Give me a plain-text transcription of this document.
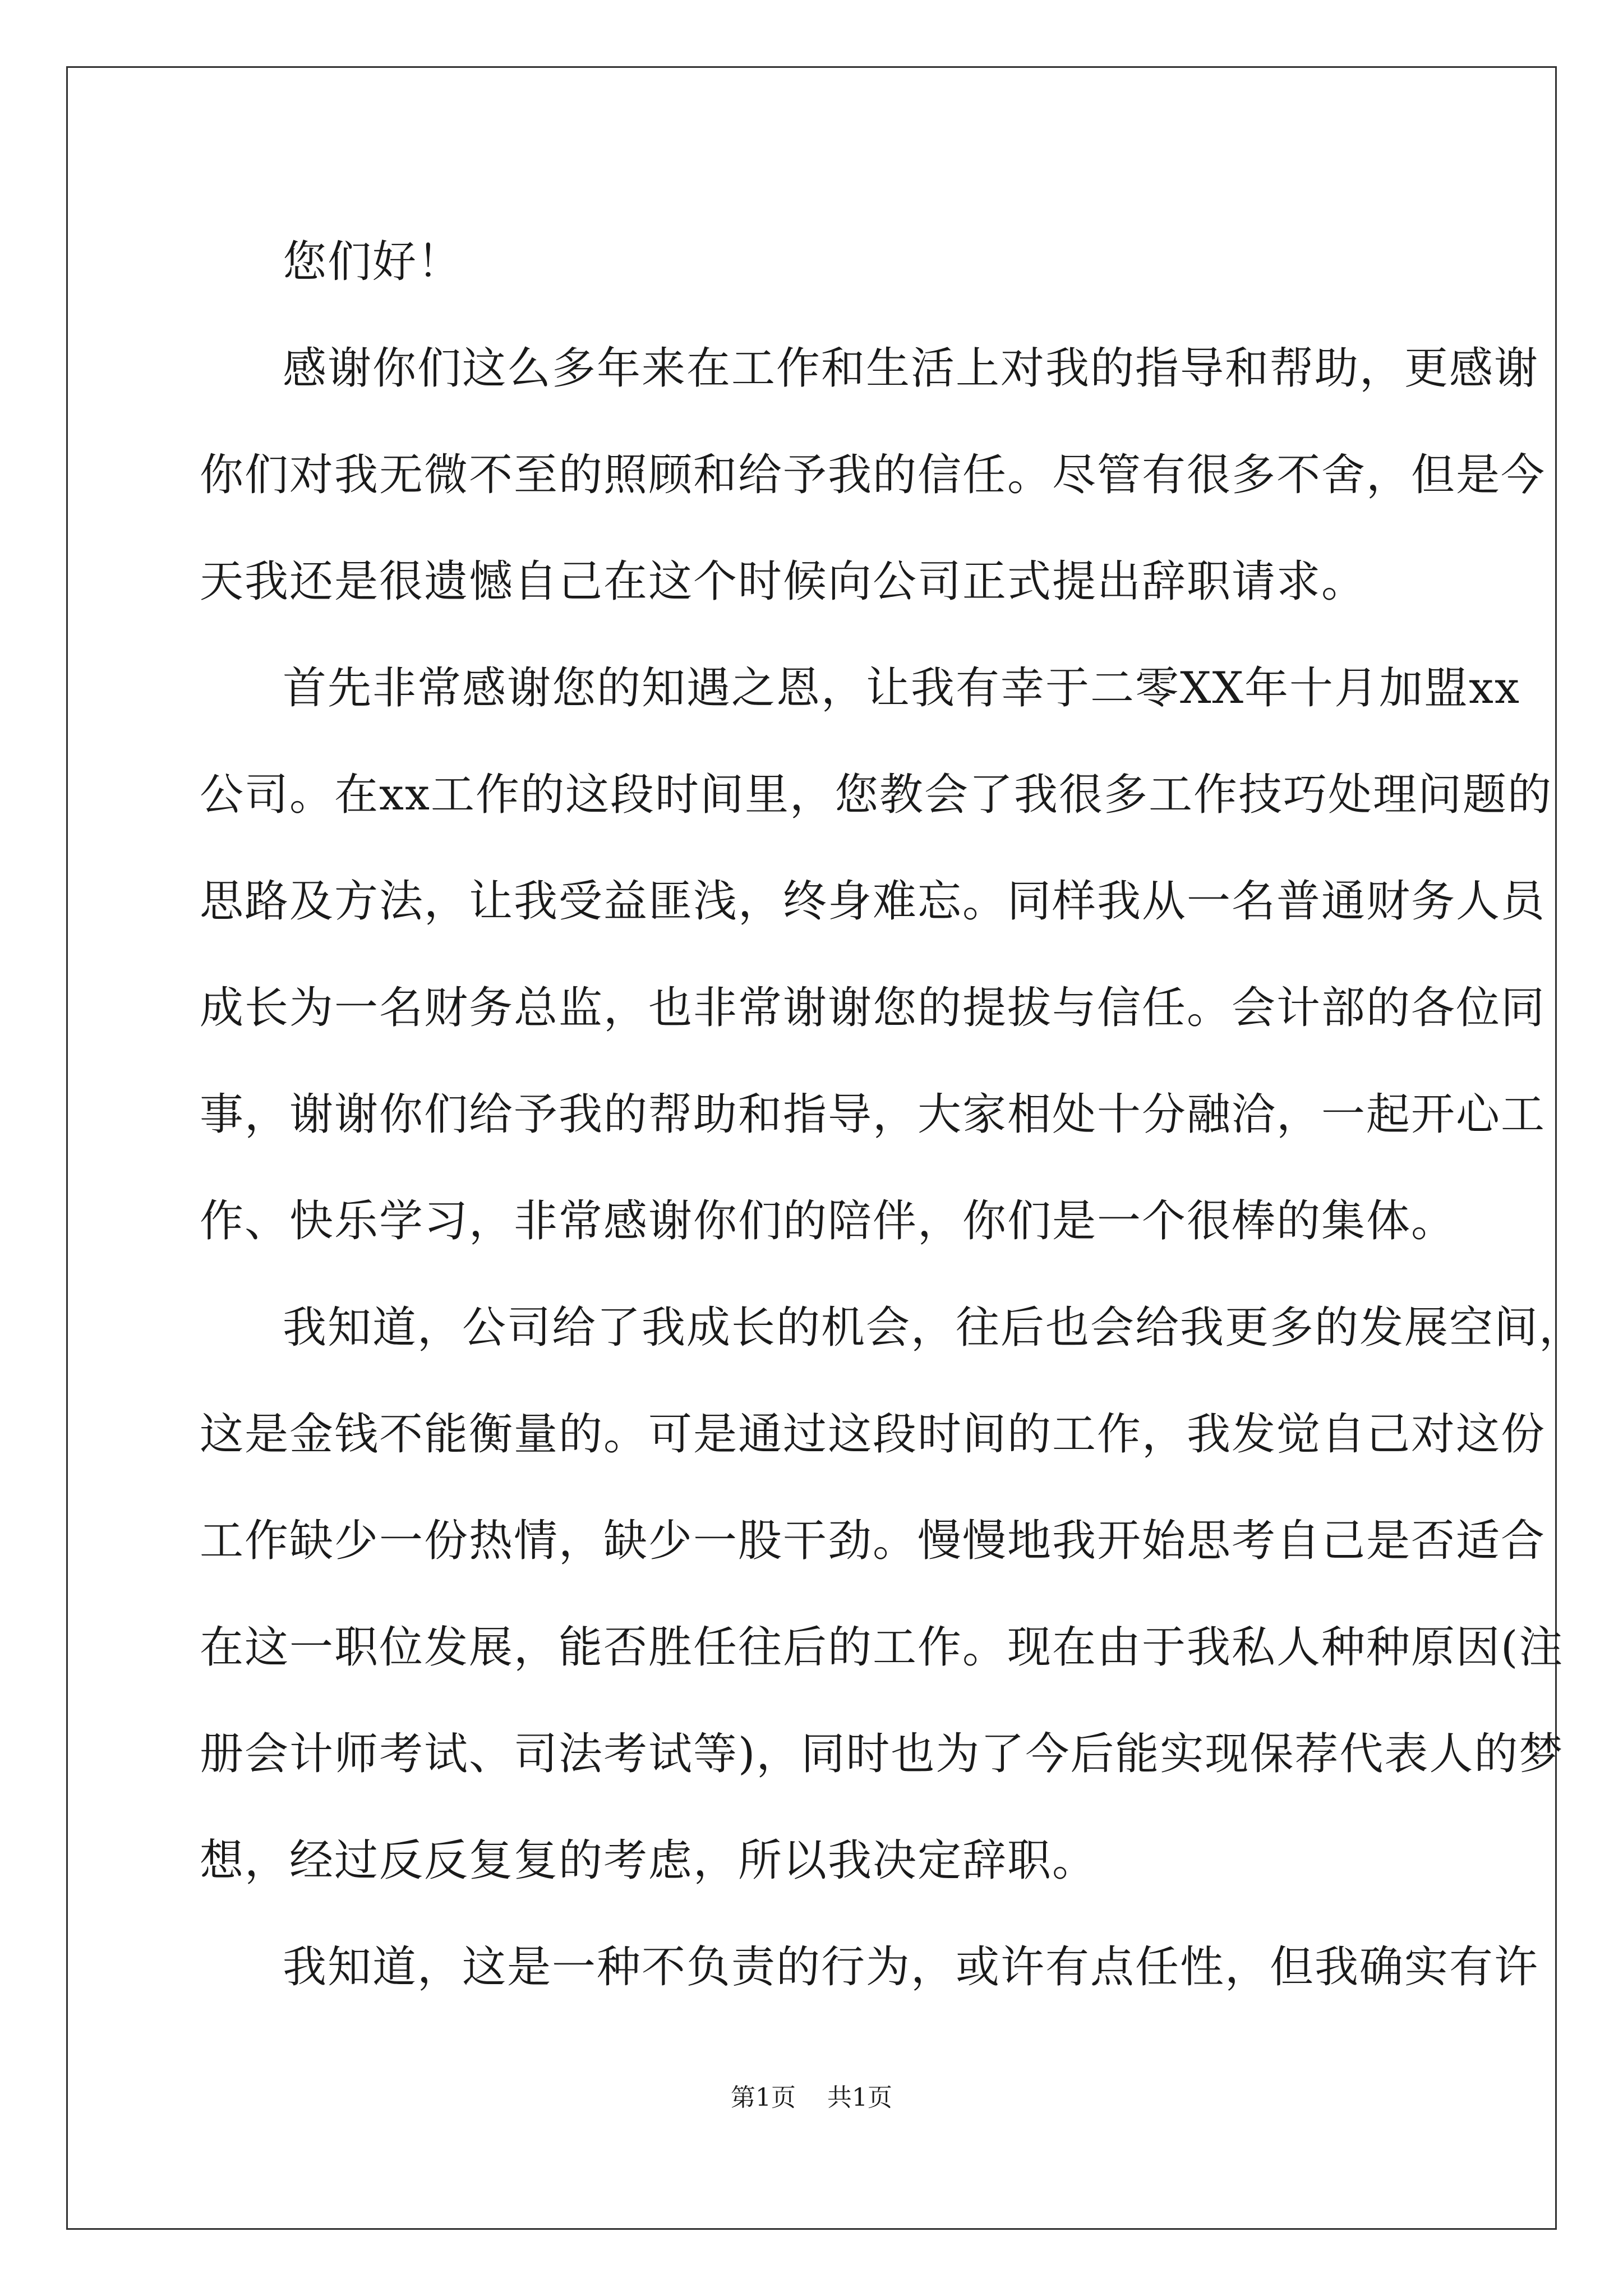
您们好！
感谢你们这么多年来在工作和生活上对我的指导和帮助，更感谢
你们对我无微不至的照顾和给予我的信任。尽管有很多不舍，但是今
天我还是很遗憾自己在这个时候向公司正式提出辞职请求。
首先非常感谢您的知遇之恩，让我有幸于二零XX年十月加盟xx
公司。在xx工作的这段时间里，您教会了我很多工作技巧处理问题的
思路及方法，让我受益匪浅，终身难忘。同样我从一名普通财务人员
成长为一名财务总监，也非常谢谢您的提拔与信任。会计部的各位同
事，谢谢你们给予我的帮助和指导，大家相处十分融洽，一起开心工
作、快乐学习，非常感谢你们的陪伴，你们是一个很棒的集体。
我知道，公司给了我成长的机会，往后也会给我更多的发展空间，
这是金钱不能衡量的。可是通过这段时间的工作，我发觉自己对这份
工作缺少一份热情，缺少一股干劲。慢慢地我开始思考自己是否适合
在这一职位发展，能否胜任往后的工作。现在由于我私人种种原因(注
册会计师考试、司法考试等)，同时也为了今后能实现保荐代表人的梦
想，经过反反复复的考虑，所以我决定辞职。
我知道，这是一种不负责的行为，或许有点任性，但我确实有许
第1页 共1页
